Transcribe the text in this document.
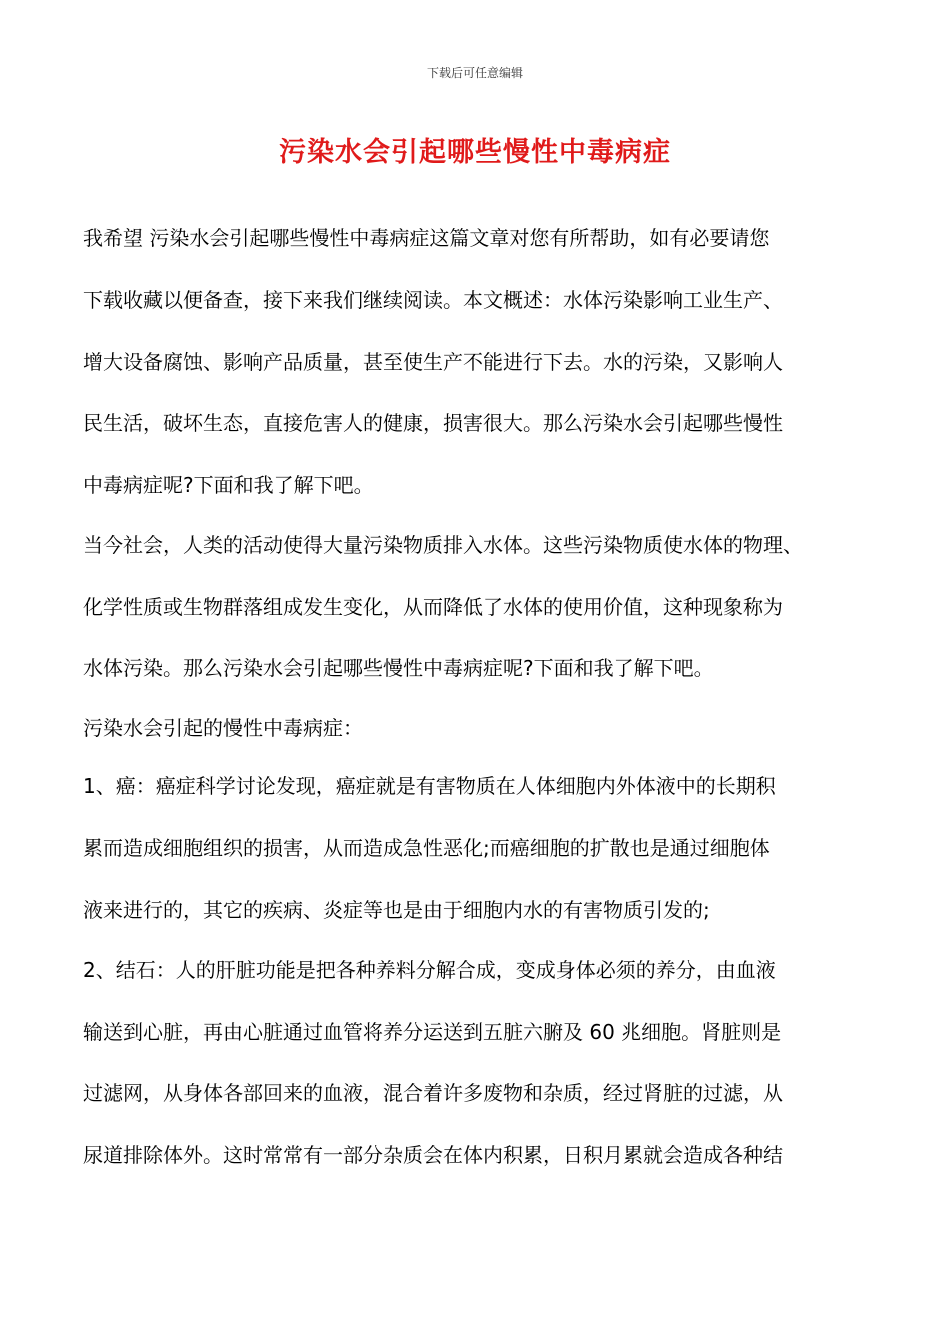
下载后可任意编辑
污染水会引起哪些慢性中毒病症
我希望 污染水会引起哪些慢性中毒病症这篇文章对您有所帮助，如有必要请您
下载收藏以便备查，接下来我们继续阅读。本文概述：水体污染影响工业生产、
增大设备腐蚀、影响产品质量，甚至使生产不能进行下去。水的污染，又影响人
民生活，破坏生态，直接危害人的健康，损害很大。那么污染水会引起哪些慢性
中毒病症呢?下面和我了解下吧。
当今社会，人类的活动使得大量污染物质排入水体。这些污染物质使水体的物理、
化学性质或生物群落组成发生变化，从而降低了水体的使用价值，这种现象称为
水体污染。那么污染水会引起哪些慢性中毒病症呢?下面和我了解下吧。
污染水会引起的慢性中毒病症：
1、癌：癌症科学讨论发现，癌症就是有害物质在人体细胞内外体液中的长期积
累而造成细胞组织的损害，从而造成急性恶化;而癌细胞的扩散也是通过细胞体
液来进行的，其它的疾病、炎症等也是由于细胞内水的有害物质引发的;
2、结石：人的肝脏功能是把各种养料分解合成，变成身体必须的养分，由血液
输送到心脏，再由心脏通过血管将养分运送到五脏六腑及 60 兆细胞。肾脏则是
过滤网，从身体各部回来的血液，混合着许多废物和杂质，经过肾脏的过滤，从
尿道排除体外。这时常常有一部分杂质会在体内积累，日积月累就会造成各种结
